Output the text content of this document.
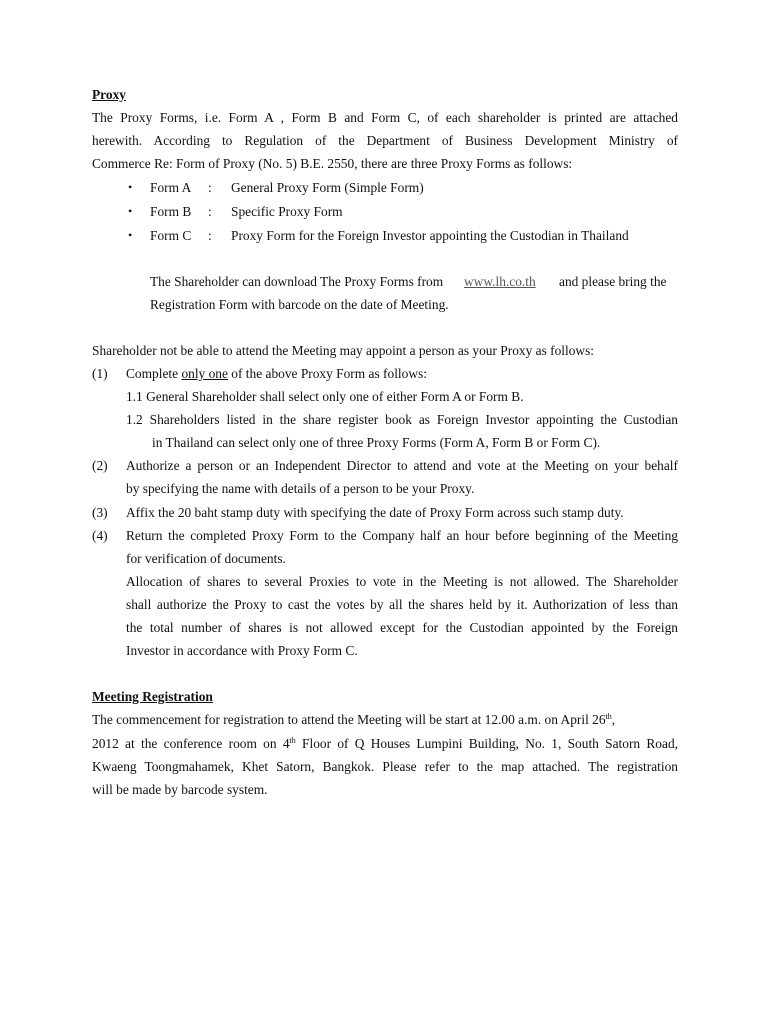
Proxy
The Proxy Forms, i.e. Form A , Form B and Form C, of each shareholder is printed are attached
herewith. According to Regulation of the Department of Business Development Ministry of
Commerce Re: Form of Proxy (No. 5) B.E. 2550, there are three Proxy Forms as follows:
• Form A : General Proxy Form (Simple Form)
• Form B : Specific Proxy Form
• Form C : Proxy Form for the Foreign Investor appointing the Custodian in Thailand
The Shareholder can download The Proxy Forms from www.lh.co.th and please bring the
Registration Form with barcode on the date of Meeting.
Shareholder not be able to attend the Meeting may appoint a person as your Proxy as follows:
(1) Complete only one of the above Proxy Form as follows:
1.1 General Shareholder shall select only one of either Form A or Form B.
1.2 Shareholders listed in the share register book as Foreign Investor appointing the Custodian
in Thailand can select only one of three Proxy Forms (Form A, Form B or Form C).
(2) Authorize a person or an Independent Director to attend and vote at the Meeting on your behalf
by specifying the name with details of a person to be your Proxy.
(3) Affix the 20 baht stamp duty with specifying the date of Proxy Form across such stamp duty.
(4) Return the completed Proxy Form to the Company half an hour before beginning of the Meeting
for verification of documents.
Allocation of shares to several Proxies to vote in the Meeting is not allowed. The Shareholder
shall authorize the Proxy to cast the votes by all the shares held by it. Authorization of less than
the total number of shares is not allowed except for the Custodian appointed by the Foreign
Investor in accordance with Proxy Form C.
Meeting Registration
The commencement for registration to attend the Meeting will be start at 12.00 a.m. on April 26th,
2012 at the conference room on 4th Floor of Q Houses Lumpini Building, No. 1, South Satorn Road,
Kwaeng Toongmahamek, Khet Satorn, Bangkok. Please refer to the map attached. The registration
will be made by barcode system.
